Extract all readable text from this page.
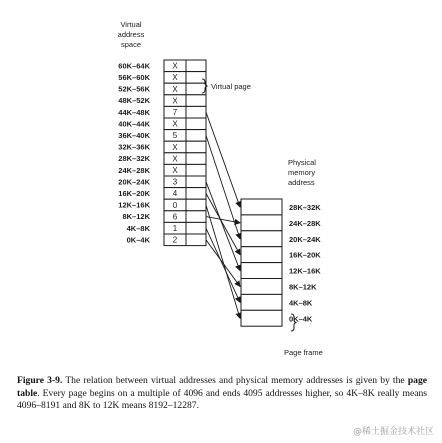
Virtual
address
space
60K–64K	X
56K–60K	X
52K–56K	X
48K–52K	X
44K–48K	7
40K–44K	X
36K–40K	5
32K–36K	X
28K–32K	X
24K–28K	X
20K–24K	3
16K–20K	4
12K–16K	0
8K–12K	6
4K–8K	1
0K–4K	2
Virtual page
Physical
memory
address
28K–32K
24K–28K
20K–24K
16K–20K
12K–16K
8K–12K
4K–8K
0K–4K
Page frame
Figure 3-9. The relation between virtual addresses and physical memory addresses is given by the page table. Every page begins on a multiple of 4096 and ends 4095 addresses higher, so 4K–8K really means 4096–8191 and 8K to 12K means 8192–12287.
@稀土掘金技术社区
